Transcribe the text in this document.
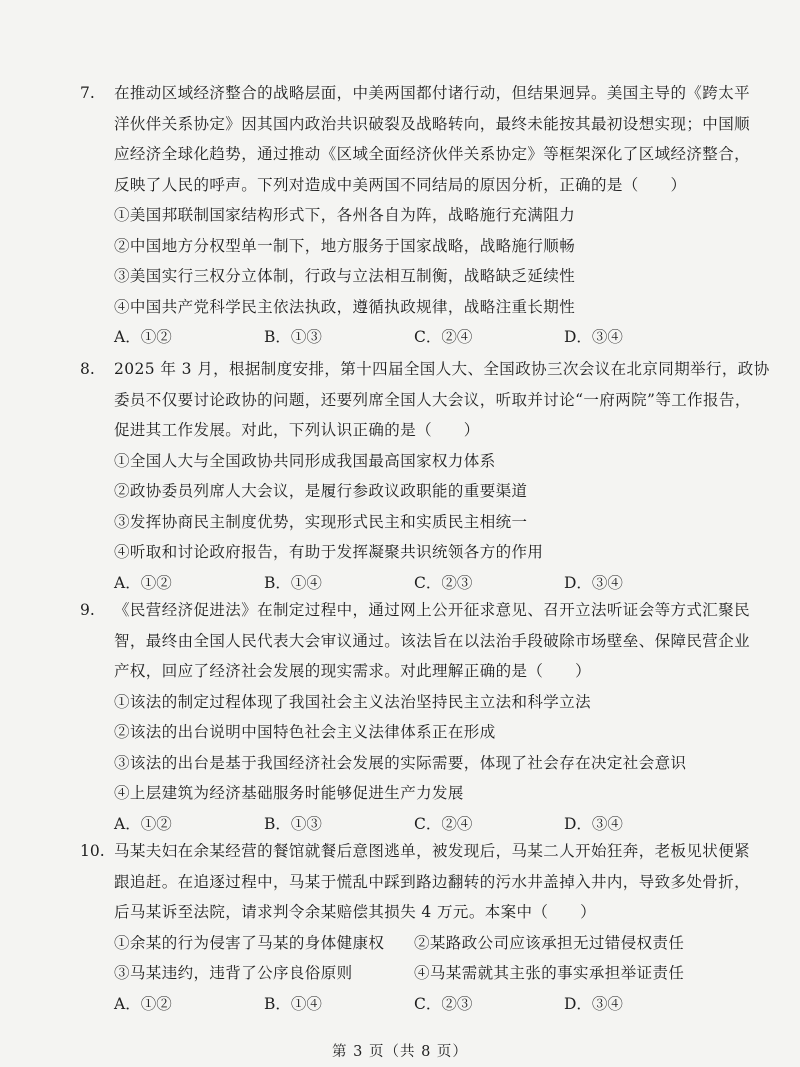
7.	在推动区域经济整合的战略层面，中美两国都付诸行动，但结果迥异。美国主导的《跨太平
洋伙伴关系协定》因其国内政治共识破裂及战略转向，最终未能按其最初设想实现；中国顺
应经济全球化趋势，通过推动《区域全面经济伙伴关系协定》等框架深化了区域经济整合，
反映了人民的呼声。下列对造成中美两国不同结局的原因分析，正确的是（　　）
①美国邦联制国家结构形式下，各州各自为阵，战略施行充满阻力
②中国地方分权型单一制下，地方服务于国家战略，战略施行顺畅
③美国实行三权分立体制，行政与立法相互制衡，战略缺乏延续性
④中国共产党科学民主依法执政，遵循执政规律，战略注重长期性
A．①②	B．①③	C．②④	D．③④
8.	2025 年 3 月，根据制度安排，第十四届全国人大、全国政协三次会议在北京同期举行，政协
委员不仅要讨论政协的问题，还要列席全国人大会议，听取并讨论“一府两院”等工作报告，
促进其工作发展。对此，下列认识正确的是（　　）
①全国人大与全国政协共同形成我国最高国家权力体系
②政协委员列席人大会议，是履行参政议政职能的重要渠道
③发挥协商民主制度优势，实现形式民主和实质民主相统一
④听取和讨论政府报告，有助于发挥凝聚共识统领各方的作用
A．①②	B．①④	C．②③	D．③④
9.	《民营经济促进法》在制定过程中，通过网上公开征求意见、召开立法听证会等方式汇聚民
智，最终由全国人民代表大会审议通过。该法旨在以法治手段破除市场壁垒、保障民营企业
产权，回应了经济社会发展的现实需求。对此理解正确的是（　　）
①该法的制定过程体现了我国社会主义法治坚持民主立法和科学立法
②该法的出台说明中国特色社会主义法律体系正在形成
③该法的出台是基于我国经济社会发展的实际需要，体现了社会存在决定社会意识
④上层建筑为经济基础服务时能够促进生产力发展
A．①②	B．①③	C．②④	D．③④
10. 马某夫妇在余某经营的餐馆就餐后意图逃单，被发现后，马某二人开始狂奔，老板见状便紧
跟追赶。在追逐过程中，马某于慌乱中踩到路边翻转的污水井盖掉入井内，导致多处骨折，
后马某诉至法院，请求判令余某赔偿其损失 4 万元。本案中（　　）
①余某的行为侵害了马某的身体健康权	②某路政公司应该承担无过错侵权责任
③马某违约，违背了公序良俗原则	④马某需就其主张的事实承担举证责任
A．①②	B．①④	C．②③	D．③④
第 3 页（共 8 页）
